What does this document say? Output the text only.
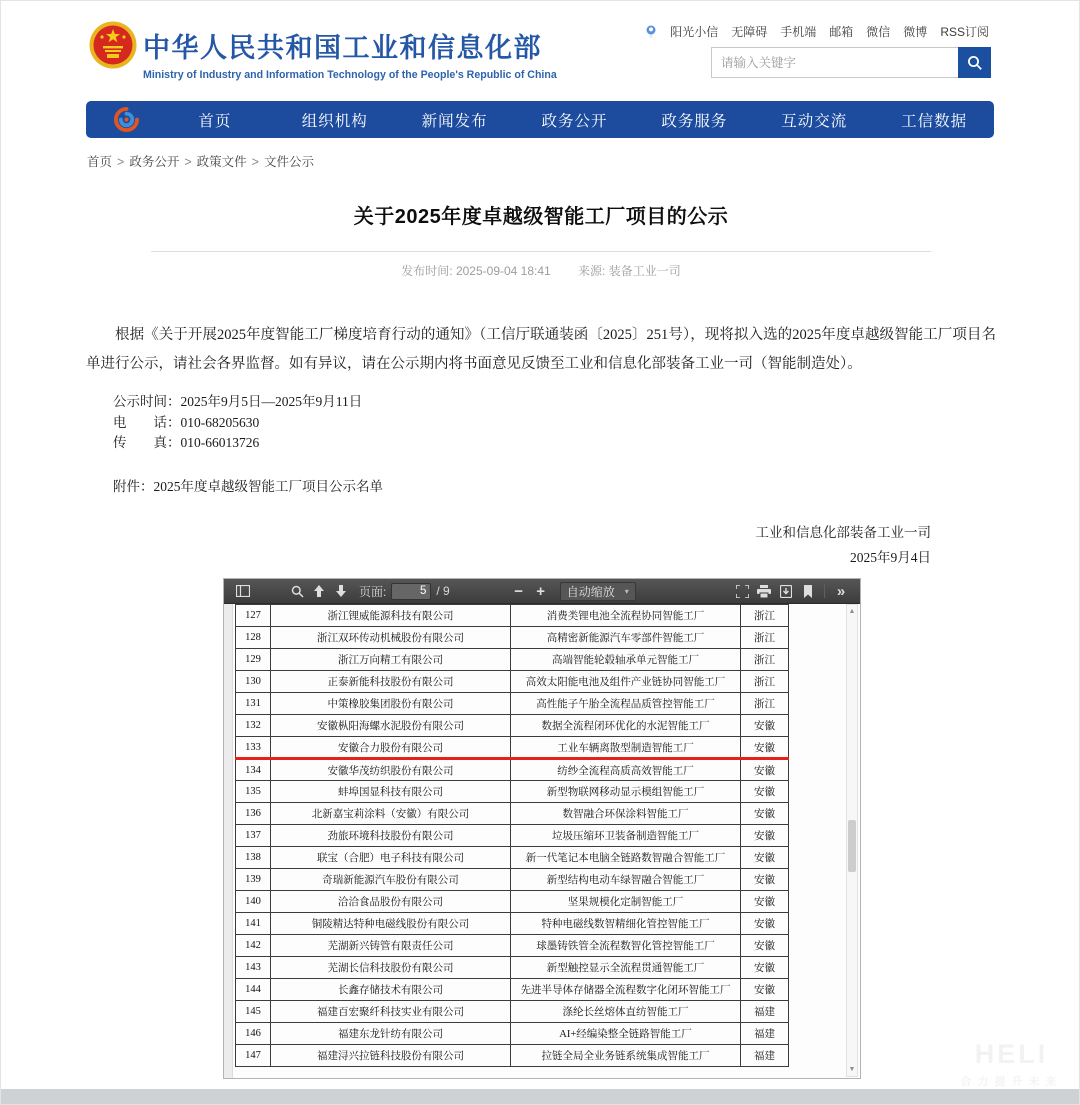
中华人民共和国工业和信息化部
Ministry of Industry and Information Technology of the People's Republic of China
阳光小信 无障碍 手机端 邮箱 微信 微博 RSS订阅
请输入关键字
首页	组织机构	新闻发布	政务公开	政务服务	互动交流	工信数据
首页 > 政务公开 > 政策文件 > 文件公示
关于2025年度卓越级智能工厂项目的公示
发布时间: 2025-09-04 18:41 来源: 装备工业一司

根据《关于开展2025年度智能工厂梯度培育行动的通知》（工信厅联通装函〔2025〕251号），现将拟入选的2025年度卓越级智能工厂项目名单进行公示，请社会各界监督。如有异议，请在公示期内将书面意见反馈至工业和信息化部装备工业一司（智能制造处）。

公示时间：2025年9月5日—2025年9月11日

电　　话：010-68205630

传　　真：010-66013726

附件：2025年度卓越级智能工厂项目公示名单

工业和信息化部装备工业一司

2025年9月4日

页面:
5	/ 9	− +	自动缩放 ▾	»
127	浙江锂威能源科技有限公司	消费类锂电池全流程协同智能工厂	浙江
128	浙江双环传动机械股份有限公司	高精密新能源汽车零部件智能工厂	浙江
129	浙江万向精工有限公司	高端智能轮毂轴承单元智能工厂	浙江
130	正泰新能科技股份有限公司	高效太阳能电池及组件产业链协同智能工厂	浙江
131	中策橡胶集团股份有限公司	高性能子午胎全流程品质管控智能工厂	浙江
132	安徽枞阳海螺水泥股份有限公司	数据全流程闭环优化的水泥智能工厂	安徽
133	安徽合力股份有限公司	工业车辆离散型制造智能工厂	安徽
134	安徽华茂纺织股份有限公司	纺纱全流程高质高效智能工厂	安徽
135	蚌埠国显科技有限公司	新型物联网移动显示模组智能工厂	安徽
136	北新嘉宝莉涂料（安徽）有限公司	数智融合环保涂料智能工厂	安徽
137	劲旅环境科技股份有限公司	垃圾压缩环卫装备制造智能工厂	安徽
138	联宝（合肥）电子科技有限公司	新一代笔记本电脑全链路数智融合智能工厂	安徽
139	奇瑞新能源汽车股份有限公司	新型结构电动车绿智融合智能工厂	安徽
140	洽洽食品股份有限公司	坚果规模化定制智能工厂	安徽
141	铜陵精达特种电磁线股份有限公司	特种电磁线数智精细化管控智能工厂	安徽
142	芜湖新兴铸管有限责任公司	球墨铸铁管全流程数智化管控智能工厂	安徽
143	芜湖长信科技股份有限公司	新型触控显示全流程贯通智能工厂	安徽
144	长鑫存储技术有限公司	先进半导体存储器全流程数字化闭环智能工厂	安徽
145	福建百宏聚纤科技实业有限公司	涤纶长丝熔体直纺智能工厂	福建
146	福建东龙针纺有限公司	AI+经编染整全链路智能工厂	福建
147	福建浔兴拉链科技股份有限公司	拉链全局全业务链系统集成智能工厂	福建
▲
▼
HELI
合力提升未来
